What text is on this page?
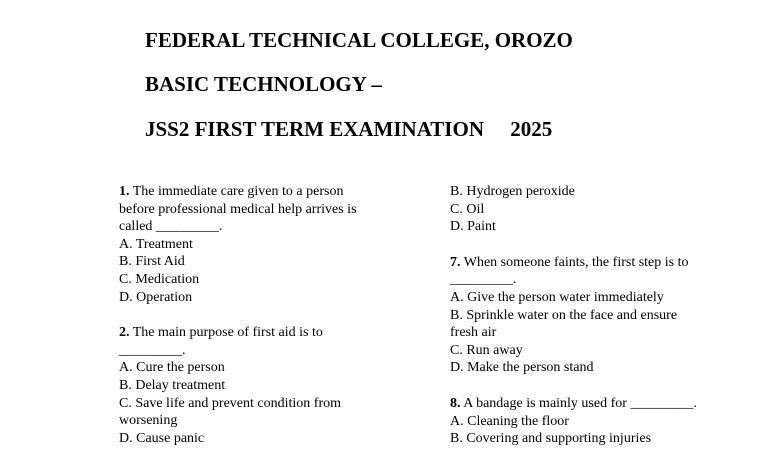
FEDERAL TECHNICAL COLLEGE, OROZO
BASIC TECHNOLOGY –
JSS2 FIRST TERM EXAMINATION     2025
1. The immediate care given to a person
before professional medical help arrives is
called _________.
A. Treatment
B. First Aid
C. Medication
D. Operation
2. The main purpose of first aid is to
_________.
A. Cure the person
B. Delay treatment
C. Save life and prevent condition from
worsening
D. Cause panic
B. Hydrogen peroxide
C. Oil
D. Paint
7. When someone faints, the first step is to
_________.
A. Give the person water immediately
B. Sprinkle water on the face and ensure
fresh air
C. Run away
D. Make the person stand
8. A bandage is mainly used for _________.
A. Cleaning the floor
B. Covering and supporting injuries
